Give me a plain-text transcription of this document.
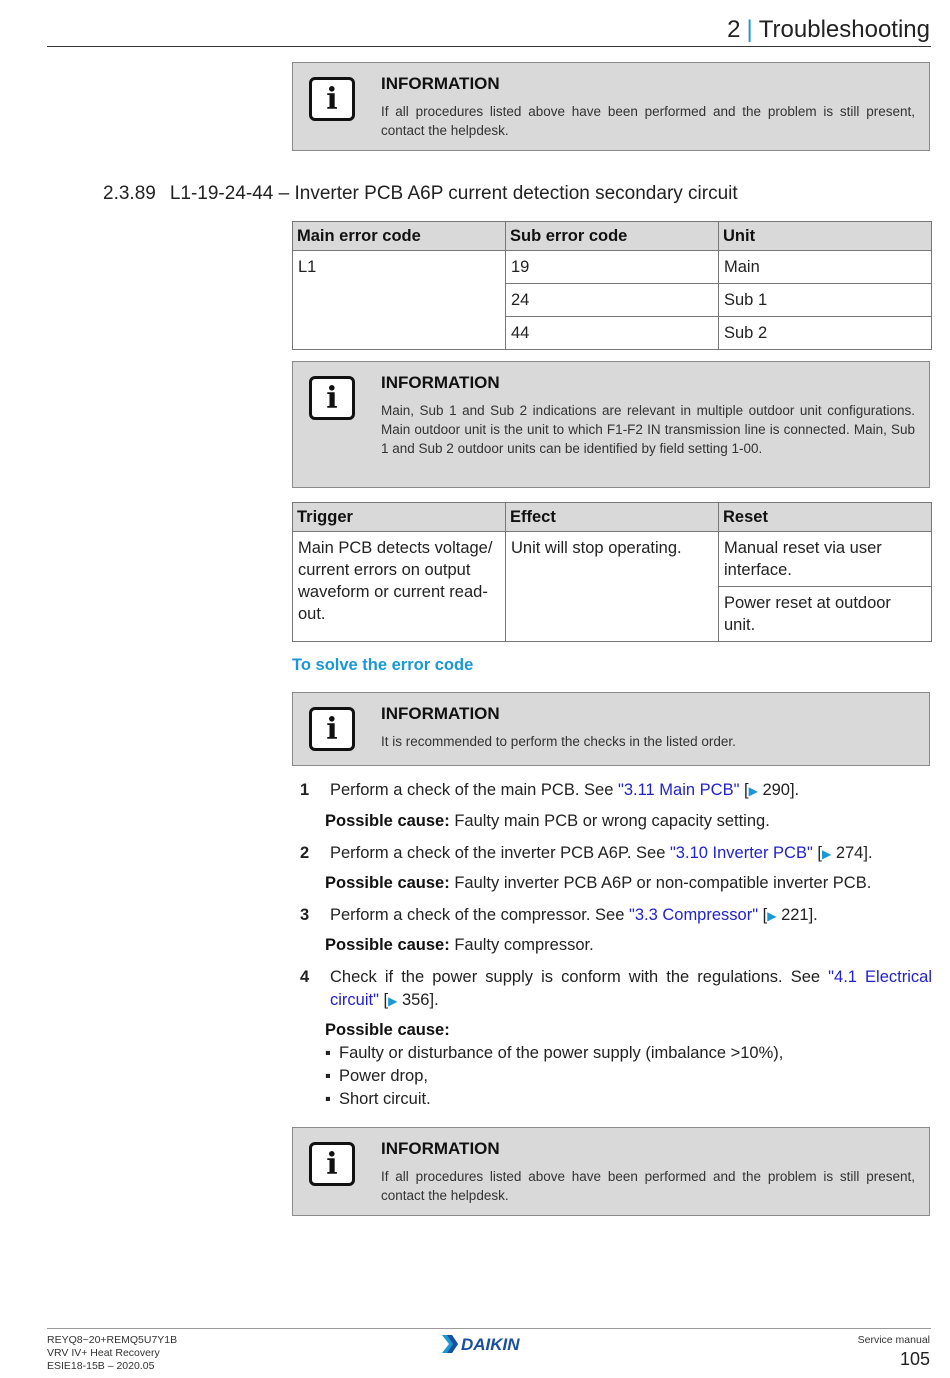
2 | Troubleshooting
i	INFORMATION
If all procedures listed above have been performed and the problem is still present, contact the helpdesk.
2.3.89 L1-19-24-44 – Inverter PCB A6P current detection secondary circuit
Main error code	Sub error code	Unit
L1	19	Main
	24	Sub 1
	44	Sub 2
i	INFORMATION
Main, Sub 1 and Sub 2 indications are relevant in multiple outdoor unit configurations. Main outdoor unit is the unit to which F1-F2 IN transmission line is connected. Main, Sub 1 and Sub 2 outdoor units can be identified by field setting 1-00.
Trigger	Effect	Reset
Main PCB detects voltage/ current errors on output waveform or current read-out.	Unit will stop operating.	Manual reset via user interface.
		Power reset at outdoor unit.
To solve the error code
i	INFORMATION
It is recommended to perform the checks in the listed order.
1 Perform a check of the main PCB. See "3.11 Main PCB" [▶ 290].
Possible cause: Faulty main PCB or wrong capacity setting.
2 Perform a check of the inverter PCB A6P. See "3.10 Inverter PCB" [▶ 274].
Possible cause: Faulty inverter PCB A6P or non-compatible inverter PCB.
3 Perform a check of the compressor. See "3.3 Compressor" [▶ 221].
Possible cause: Faulty compressor.
4 Check if the power supply is conform with the regulations. See "4.1 Electrical circuit" [▶ 356].
Possible cause:
▪ Faulty or disturbance of the power supply (imbalance >10%),
▪ Power drop,
▪ Short circuit.
i	INFORMATION
If all procedures listed above have been performed and the problem is still present, contact the helpdesk.
REYQ8~20+REMQ5U7Y1B
VRV IV+ Heat Recovery
ESIE18-15B – 2020.05
DAIKIN	Service manual
105
